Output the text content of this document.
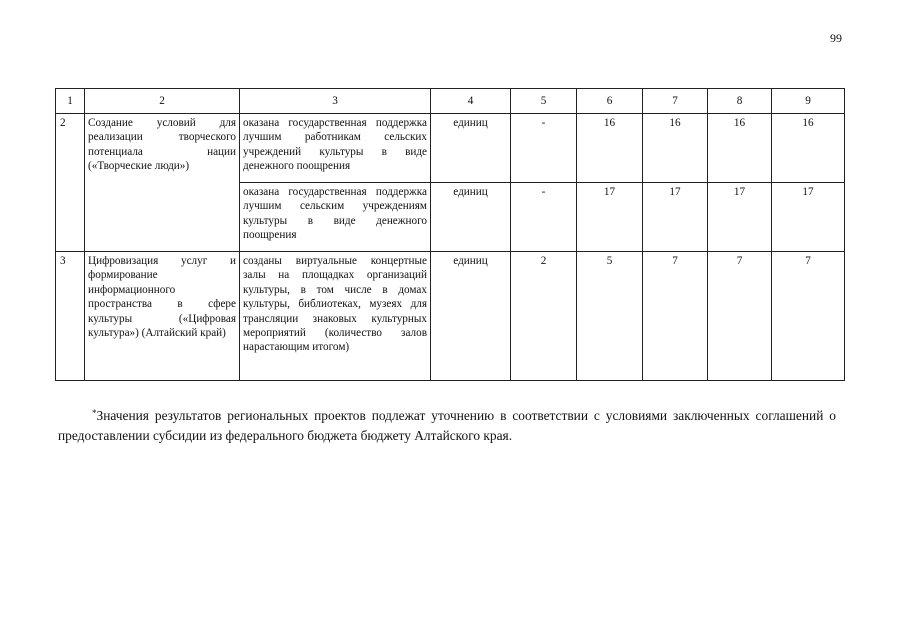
99
1	2	3	4	5	6	7	8	9
2	Создание условий для реализации творческого потенциала нации («Творческие люди»)	оказана государственная поддержка лучшим работникам сельских учреждений культуры в виде денежного поощрения	единиц	-	16	16	16	16
		оказана государственная поддержка лучшим сельским учреждениям культуры в виде денежного поощрения	единиц	-	17	17	17	17
3	Цифровизация услуг и формирование информационного пространства в сфере культуры («Цифровая культура») (Алтайский край)	созданы виртуальные концертные залы на площадках организаций культуры, в том числе в домах культуры, библиотеках, музеях для трансляции знаковых культурных мероприятий (количество залов нарастающим итогом)	единиц	2	5	7	7	7
*Значения результатов региональных проектов подлежат уточнению в соответствии с условиями заключенных соглашений о предоставлении субсидии из федерального бюджета бюджету Алтайского края.
